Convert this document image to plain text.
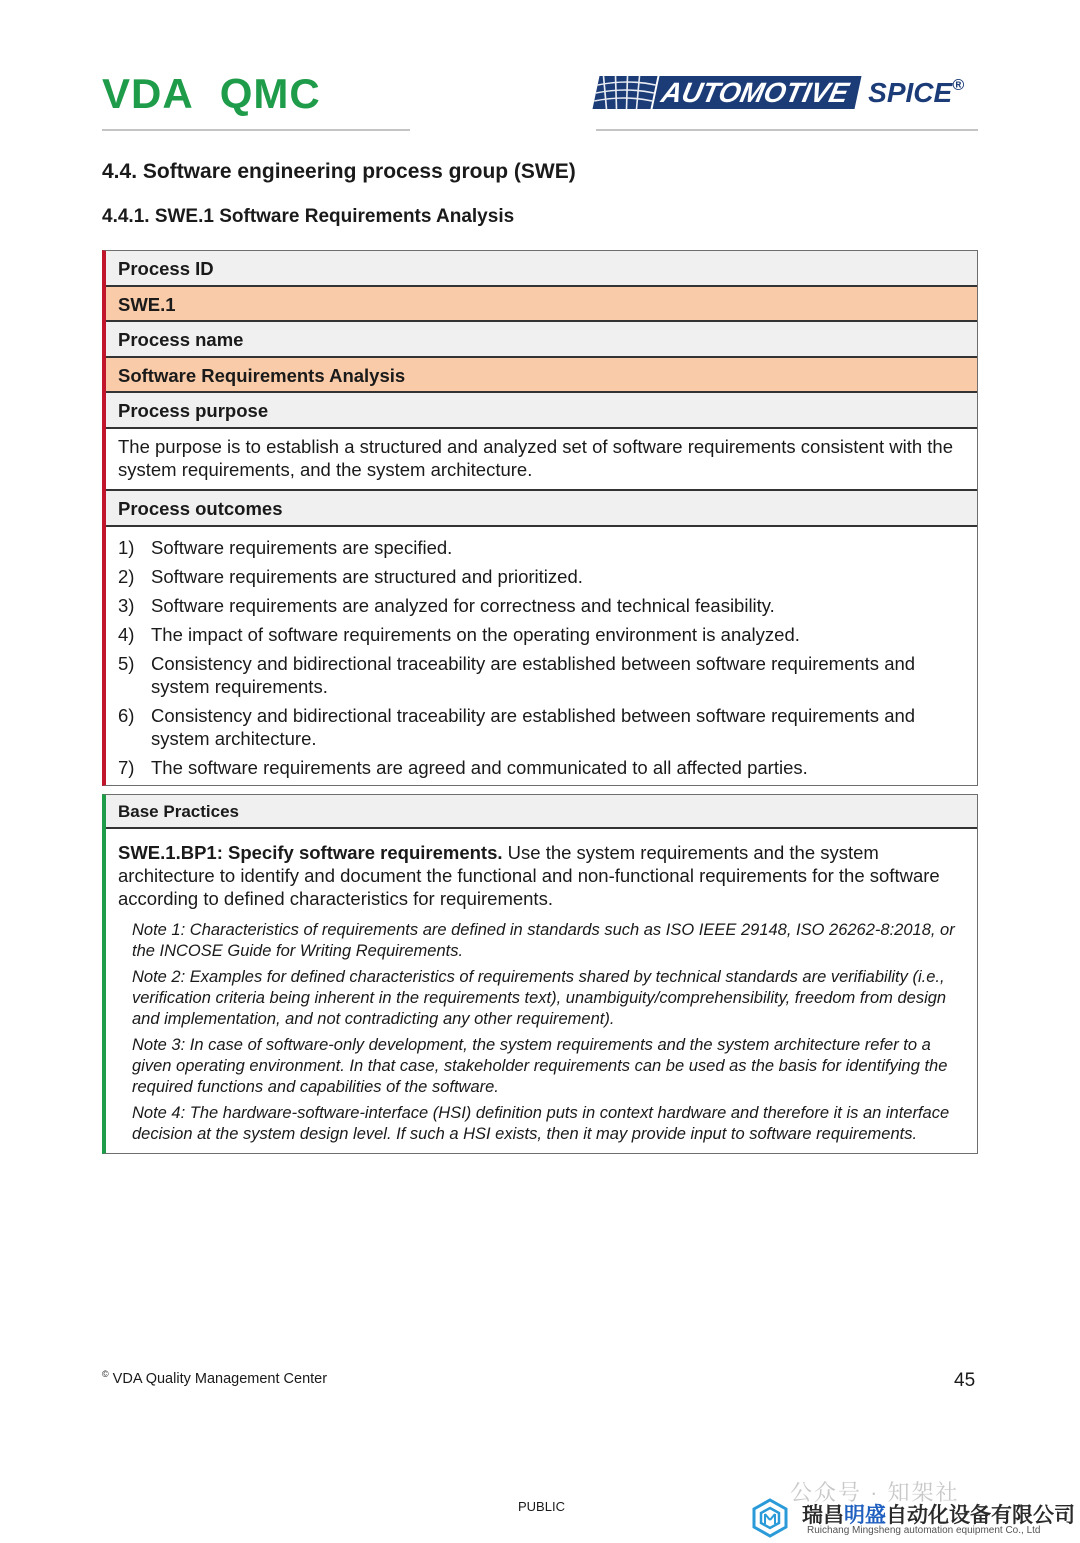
VDA QMC	AUTOMOTIVE SPICE®
4.4. Software engineering process group (SWE)
4.4.1. SWE.1 Software Requirements Analysis
Process ID
SWE.1
Process name
Software Requirements Analysis
Process purpose
The purpose is to establish a structured and analyzed set of software requirements consistent with the system requirements, and the system architecture.
Process outcomes
1) Software requirements are specified.
2) Software requirements are structured and prioritized.
3) Software requirements are analyzed for correctness and technical feasibility.
4) The impact of software requirements on the operating environment is analyzed.
5) Consistency and bidirectional traceability are established between software requirements and system requirements.
6) Consistency and bidirectional traceability are established between software requirements and system architecture.
7) The software requirements are agreed and communicated to all affected parties.
Base Practices
SWE.1.BP1: Specify software requirements. Use the system requirements and the system architecture to identify and document the functional and non-functional requirements for the software according to defined characteristics for requirements.
Note 1: Characteristics of requirements are defined in standards such as ISO IEEE 29148, ISO 26262-8:2018, or the INCOSE Guide for Writing Requirements.
Note 2: Examples for defined characteristics of requirements shared by technical standards are verifiability (i.e., verification criteria being inherent in the requirements text), unambiguity/comprehensibility, freedom from design and implementation, and not contradicting any other requirement).
Note 3: In case of software-only development, the system requirements and the system architecture refer to a given operating environment. In that case, stakeholder requirements can be used as the basis for identifying the required functions and capabilities of the software.
Note 4: The hardware-software-interface (HSI) definition puts in context hardware and therefore it is an interface decision at the system design level. If such a HSI exists, then it may provide input to software requirements.
© VDA Quality Management Center	45
PUBLIC
公众号 · 知架社
瑞昌明盛自动化设备有限公司
Ruichang Mingsheng automation equipment Co., Ltd
